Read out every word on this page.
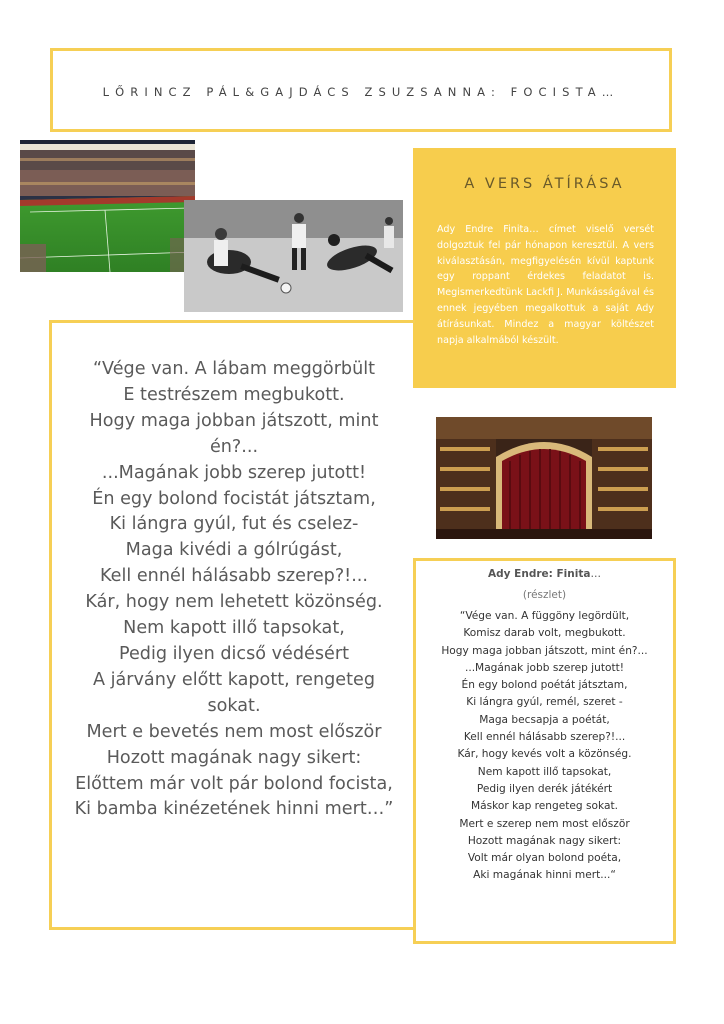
LŐRINCZ PÁL&GAJDÁCS ZSUZSANNA: FOCISTA…
A VERS ÁTÍRÁSA
Ady Endre Finita… címet viselő versét dolgoztuk fel pár hónapon keresztül. A vers kiválasztásán, megfigyelésén kívül kaptunk egy roppant érdekes feladatot is. Megismerkedtünk Lackfi J. Munkásságával és ennek jegyében megalkottuk a saját Ady átírásunkat. Mindez a magyar költészet napja alkalmából készült.
“Vége van. A lábam meggörbült
E testrészem megbukott.
Hogy maga jobban játszott, mint én?...
...Magának jobb szerep jutott!
Én egy bolond focistát játsztam,
Ki lángra gyúl, fut és cselez-
Maga kivédi a gólrúgást,
Kell ennél hálásabb szerep?!...
Kár, hogy nem lehetett közönség.
Nem kapott illő tapsokat,
Pedig ilyen dicső védésért
A járvány előtt kapott, rengeteg sokat.
Mert e bevetés nem most először
Hozott magának nagy sikert:
Előttem már volt pár bolond focista,
Ki bamba kinézetének hinni mert…”
Ady Endre: Finita…
(részlet)
“Vége van. A függöny legördült,
Komisz darab volt, megbukott.
Hogy maga jobban játszott, mint én?...
...Magának jobb szerep jutott!
Én egy bolond poétát játsztam,
Ki lángra gyúl, remél, szeret -
Maga becsapja a poétát,
Kell ennél hálásabb szerep?!...
Kár, hogy kevés volt a közönség.
Nem kapott illő tapsokat,
Pedig ilyen derék játékért
Máskor kap rengeteg sokat.
Mert e szerep nem most először
Hozott magának nagy sikert:
Volt már olyan bolond poéta,
Aki magának hinni mert...“
